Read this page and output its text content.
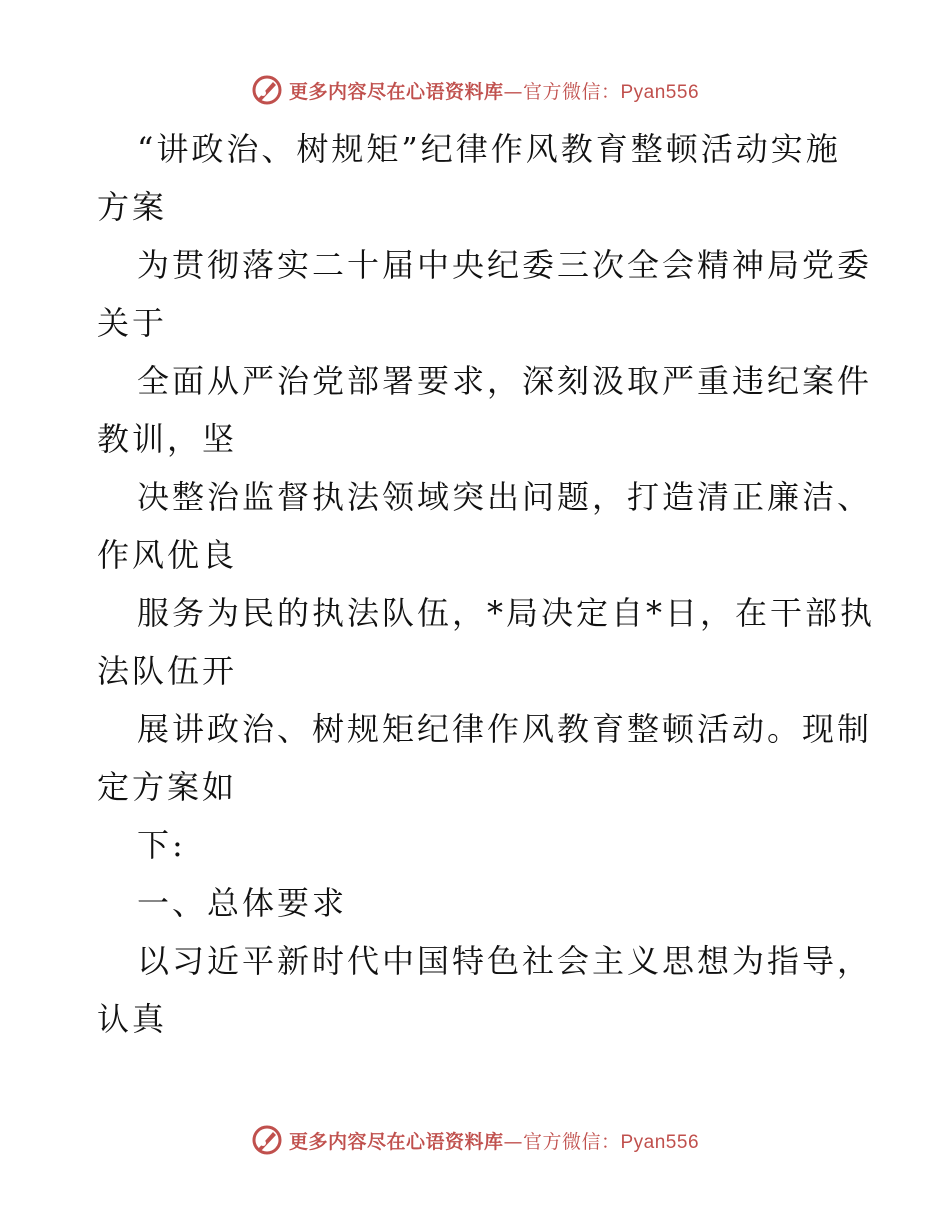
更多内容尽在心语资料库—官方微信：Pyan556
“讲政治、树规矩”纪律作风教育整顿活动实施
方案
为贯彻落实二十届中央纪委三次全会精神局党委
关于
全面从严治党部署要求，深刻汲取严重违纪案件
教训，坚
决整治监督执法领域突出问题，打造清正廉洁、
作风优良
服务为民的执法队伍，*局决定自*日，在干部执
法队伍开
展讲政治、树规矩纪律作风教育整顿活动。现制
定方案如
下:
一、总体要求
以习近平新时代中国特色社会主义思想为指导，
认真
更多内容尽在心语资料库—官方微信：Pyan556
